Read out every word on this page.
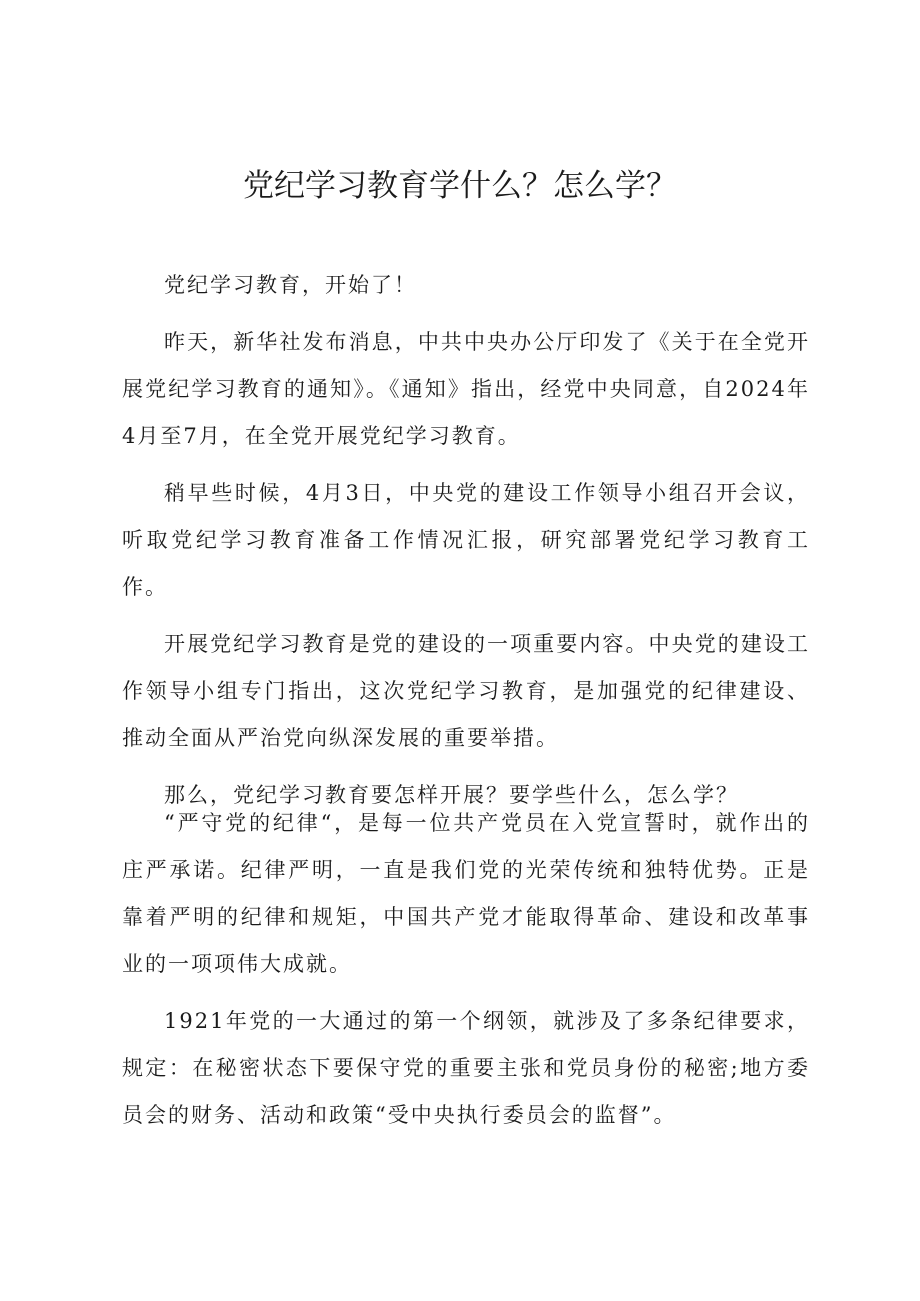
党纪学习教育学什么？怎么学？

党纪学习教育，开始了！

昨天，新华社发布消息，中共中央办公厅印发了《关于在全党开展党纪学习教育的通知》。《通知》指出，经党中央同意，自2024年4月至7月，在全党开展党纪学习教育。

稍早些时候，4月3日，中央党的建设工作领导小组召开会议，听取党纪学习教育准备工作情况汇报，研究部署党纪学习教育工作。

开展党纪学习教育是党的建设的一项重要内容。中央党的建设工作领导小组专门指出，这次党纪学习教育，是加强党的纪律建设、推动全面从严治党向纵深发展的重要举措。

那么，党纪学习教育要怎样开展？要学些什么，怎么学？

“严守党的纪律“，是每一位共产党员在入党宣誓时，就作出的庄严承诺。纪律严明，一直是我们党的光荣传统和独特优势。正是靠着严明的纪律和规矩，中国共产党才能取得革命、建设和改革事业的一项项伟大成就。

1921年党的一大通过的第一个纲领，就涉及了多条纪律要求，规定：在秘密状态下要保守党的重要主张和党员身份的秘密;地方委员会的财务、活动和政策“受中央执行委员会的监督”。
